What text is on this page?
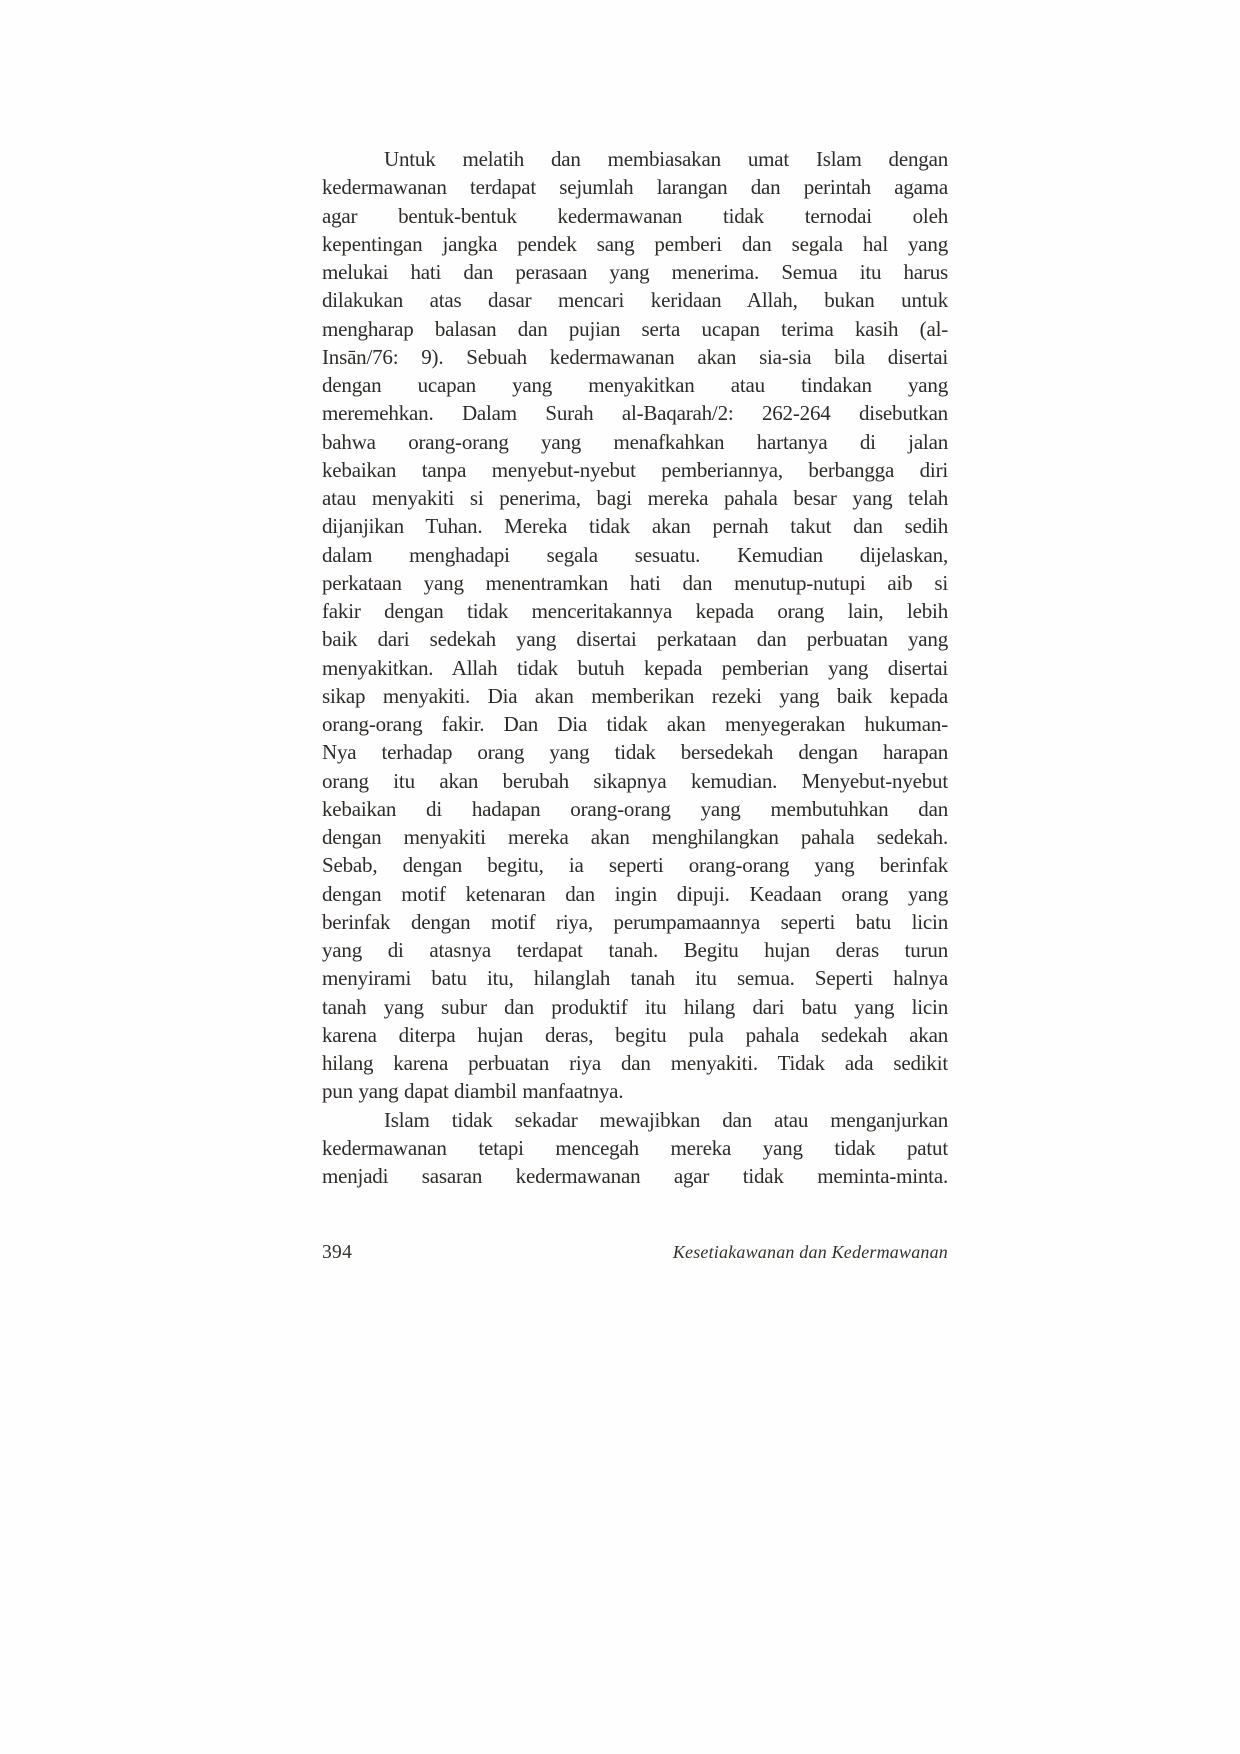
Untuk melatih dan membiasakan umat Islam dengan
kedermawanan terdapat sejumlah larangan dan perintah agama
agar bentuk-bentuk kedermawanan tidak ternodai oleh
kepentingan jangka pendek sang pemberi dan segala hal yang
melukai hati dan perasaan yang menerima. Semua itu harus
dilakukan atas dasar mencari keridaan Allah, bukan untuk
mengharap balasan dan pujian serta ucapan terima kasih (al-
Insān/76: 9). Sebuah kedermawanan akan sia-sia bila disertai
dengan ucapan yang menyakitkan atau tindakan yang
meremehkan. Dalam Surah al-Baqarah/2: 262-264 disebutkan
bahwa orang-orang yang menafkahkan hartanya di jalan
kebaikan tanpa menyebut-nyebut pemberiannya, berbangga diri
atau menyakiti si penerima, bagi mereka pahala besar yang telah
dijanjikan Tuhan. Mereka tidak akan pernah takut dan sedih
dalam menghadapi segala sesuatu. Kemudian dijelaskan,
perkataan yang menentramkan hati dan menutup-nutupi aib si
fakir dengan tidak menceritakannya kepada orang lain, lebih
baik dari sedekah yang disertai perkataan dan perbuatan yang
menyakitkan. Allah tidak butuh kepada pemberian yang disertai
sikap menyakiti. Dia akan memberikan rezeki yang baik kepada
orang-orang fakir. Dan Dia tidak akan menyegerakan hukuman-
Nya terhadap orang yang tidak bersedekah dengan harapan
orang itu akan berubah sikapnya kemudian. Menyebut-nyebut
kebaikan di hadapan orang-orang yang membutuhkan dan
dengan menyakiti mereka akan menghilangkan pahala sedekah.
Sebab, dengan begitu, ia seperti orang-orang yang berinfak
dengan motif ketenaran dan ingin dipuji. Keadaan orang yang
berinfak dengan motif riya, perumpamaannya seperti batu licin
yang di atasnya terdapat tanah. Begitu hujan deras turun
menyirami batu itu, hilanglah tanah itu semua. Seperti halnya
tanah yang subur dan produktif itu hilang dari batu yang licin
karena diterpa hujan deras, begitu pula pahala sedekah akan
hilang karena perbuatan riya dan menyakiti. Tidak ada sedikit
pun yang dapat diambil manfaatnya.
Islam tidak sekadar mewajibkan dan atau menganjurkan
kedermawanan tetapi mencegah mereka yang tidak patut
menjadi sasaran kedermawanan agar tidak meminta-minta.
394	Kesetiakawanan dan Kedermawanan
